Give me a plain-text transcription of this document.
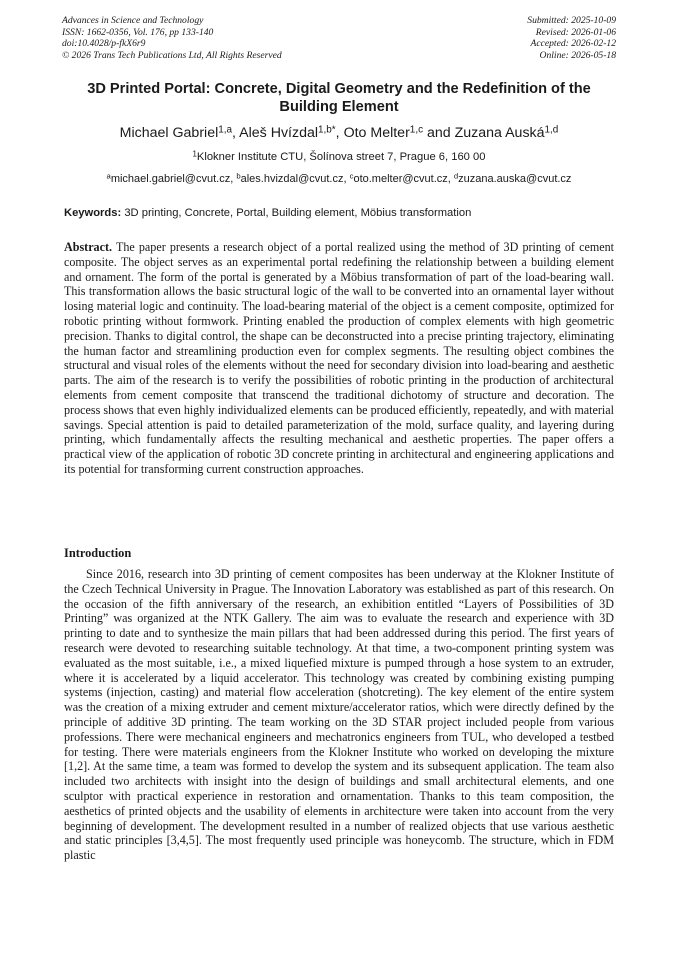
Advances in Science and Technology
ISSN: 1662-0356, Vol. 176, pp 133-140
doi:10.4028/p-fkX6r9
© 2026 Trans Tech Publications Ltd, All Rights Reserved
Submitted: 2025-10-09
Revised: 2026-01-06
Accepted: 2026-02-12
Online: 2026-05-18
3D Printed Portal: Concrete, Digital Geometry and the Redefinition of the Building Element
Michael Gabriel$^{1,a}$, Aleš Hvízdal$^{1,b*}$, Oto Melter$^{1,c}$ and Zuzana Auská$^{1,d}$
$^1$Klokner Institute CTU, Šolínova street 7, Prague 6, 160 00
$^a$michael.gabriel@cvut.cz, $^b$ales.hvizdal@cvut.cz, $^c$oto.melter@cvut.cz, $^d$zuzana.auska@cvut.cz
Keywords: 3D printing, Concrete, Portal, Building element, Möbius transformation

Abstract. The paper presents a research object of a portal realized using the method of 3D printing of cement composite. The object serves as an experimental portal redefining the relationship between a building element and ornament. The form of the portal is generated by a Möbius transformation of part of the load-bearing wall. This transformation allows the basic structural logic of the wall to be converted into an ornamental layer without losing material logic and continuity. The load-bearing material of the object is a cement composite, optimized for robotic printing without formwork. Printing enabled the production of complex elements with high geometric precision. Thanks to digital control, the shape can be deconstructed into a precise printing trajectory, eliminating the human factor and streamlining production even for complex segments. The resulting object combines the structural and visual roles of the elements without the need for secondary division into load-bearing and aesthetic parts. The aim of the research is to verify the possibilities of robotic printing in the production of architectural elements from cement composite that transcend the traditional dichotomy of structure and decoration. The process shows that even highly individualized elements can be produced efficiently, repeatedly, and with material savings. Special attention is paid to detailed parameterization of the mold, surface quality, and layering during printing, which fundamentally affects the resulting mechanical and aesthetic properties. The paper offers a practical view of the application of robotic 3D concrete printing in architectural and engineering applications and its potential for transforming current construction approaches.

Introduction

Since 2016, research into 3D printing of cement composites has been underway at the Klokner Institute of the Czech Technical University in Prague. The Innovation Laboratory was established as part of this research. On the occasion of the fifth anniversary of the research, an exhibition entitled “Layers of Possibilities of 3D Printing” was organized at the NTK Gallery. The aim was to evaluate the research and experience with 3D printing to date and to synthesize the main pillars that had been addressed during this period. The first years of research were devoted to researching suitable technology. At that time, a two-component printing system was evaluated as the most suitable, i.e., a mixed liquefied mixture is pumped through a hose system to an extruder, where it is accelerated by a liquid accelerator. This technology was created by combining existing pumping systems (injection, casting) and material flow acceleration (shotcreting). The key element of the entire system was the creation of a mixing extruder and cement mixture/accelerator ratios, which were directly defined by the principle of additive 3D printing. The team working on the 3D STAR project included people from various professions. There were mechanical engineers and mechatronics engineers from TUL, who developed a testbed for testing. There were materials engineers from the Klokner Institute who worked on developing the mixture [1,2]. At the same time, a team was formed to develop the system and its subsequent application. The team also included two architects with insight into the design of buildings and small architectural elements, and one sculptor with practical experience in restoration and ornamentation. Thanks to this team composition, the aesthetics of printed objects and the usability of elements in architecture were taken into account from the very beginning of development. The development resulted in a number of realized objects that use various aesthetic and static principles [3,4,5]. The most frequently used principle was honeycomb. The structure, which in FDM plastic
